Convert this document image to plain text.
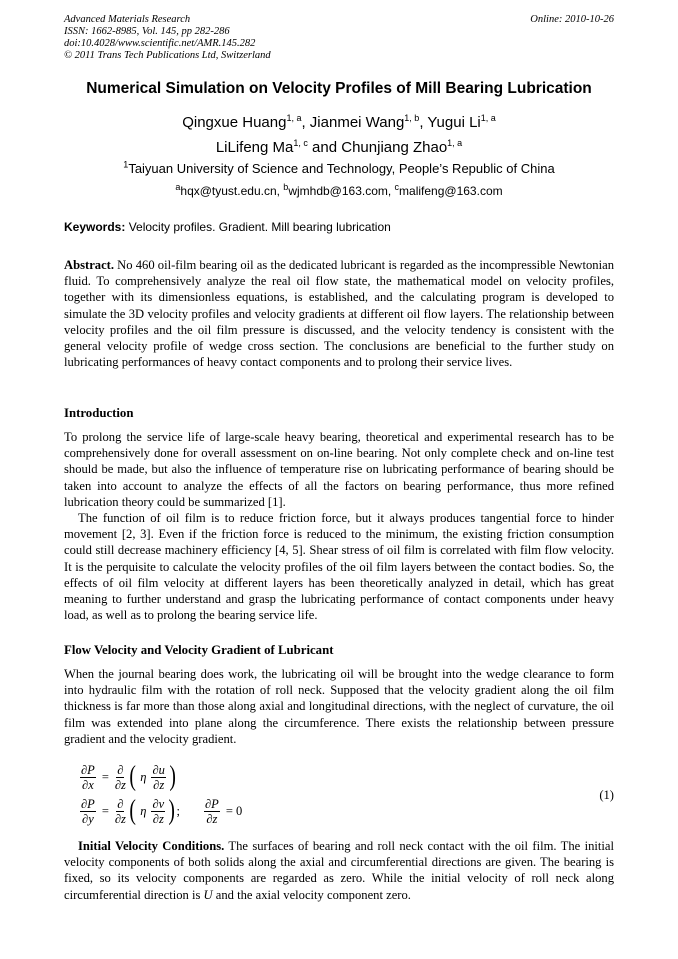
Advanced Materials Research
ISSN: 1662-8985, Vol. 145, pp 282-286
doi:10.4028/www.scientific.net/AMR.145.282
© 2011 Trans Tech Publications Ltd, Switzerland
Online: 2010-10-26
Numerical Simulation on Velocity Profiles of Mill Bearing Lubrication
Qingxue Huang$^{1, a}$, Jianmei Wang$^{1, b}$, Yugui Li$^{1, a}$
LiLifeng Ma$^{1, c}$ and Chunjiang Zhao$^{1, a}$
$^1$Taiyuan University of Science and Technology, People’s Republic of China
$^a$hqx@tyust.edu.cn, $^b$wjmhdb@163.com, $^c$malifeng@163.com
Keywords: Velocity profiles. Gradient. Mill bearing lubrication

Abstract. No 460 oil-film bearing oil as the dedicated lubricant is regarded as the incompressible Newtonian fluid. To comprehensively analyze the real oil flow state, the mathematical model on velocity profiles, together with its dimensionless equations, is established, and the calculating program is developed to simulate the 3D velocity profiles and velocity gradients at different oil flow layers. The relationship between velocity profiles and the oil film pressure is discussed, and the velocity tendency is consistent with the general velocity profile of wedge cross section. The conclusions are beneficial to the further study on lubricating performances of heavy contact components and to prolong their service lives.

Introduction

To prolong the service life of large-scale heavy bearing, theoretical and experimental research has to be comprehensively done for overall assessment on on-line bearing. Not only complete check and on-line test should be made, but also the influence of temperature rise on lubricating performance of bearing should be taken into account to analyze the effects of all the factors on bearing performance, thus more refined lubrication theory could be summarized [1].

The function of oil film is to reduce friction force, but it always produces tangential force to hinder movement [2, 3]. Even if the friction force is reduced to the minimum, the existing friction consumption could still decrease machinery efficiency [4, 5]. Shear stress of oil film is correlated with film flow velocity. It is the perquisite to calculate the velocity profiles of the oil film layers between the contact bodies. So, the effects of oil film velocity at different layers has been theoretically analyzed in detail, which has great meaning to further understand and grasp the lubricating performance of contact components under heavy load, as well as to prolong the bearing service life.

Flow Velocity and Velocity Gradient of Lubricant

When the journal bearing does work, the lubricating oil will be brought into the wedge clearance to form into hydraulic film with the rotation of roll neck. Supposed that the velocity gradient along the oil film thickness is far more than those along axial and longitudinal directions, with the neglect of curvature, the oil film was extended into plane along the circumference. There exists the relationship between pressure gradient and the velocity gradient.

$\frac{\partial P}{\partial x} = \frac{\partial}{\partial z}$ ( η $\frac{\partial u}{\partial z}$ )
$\frac{\partial P}{\partial y} = \frac{\partial}{\partial z}$ ( η $\frac{\partial v}{\partial z}$ ) ; $\frac{\partial P}{\partial z} = 0$
(1)

Initial Velocity Conditions. The surfaces of bearing and roll neck contact with the oil film. The initial velocity components of both solids along the axial and circumferential directions are given. The bearing is fixed, so its velocity components are regarded as zero. While the initial velocity of roll neck along circumferential direction is U and the axial velocity component zero.
